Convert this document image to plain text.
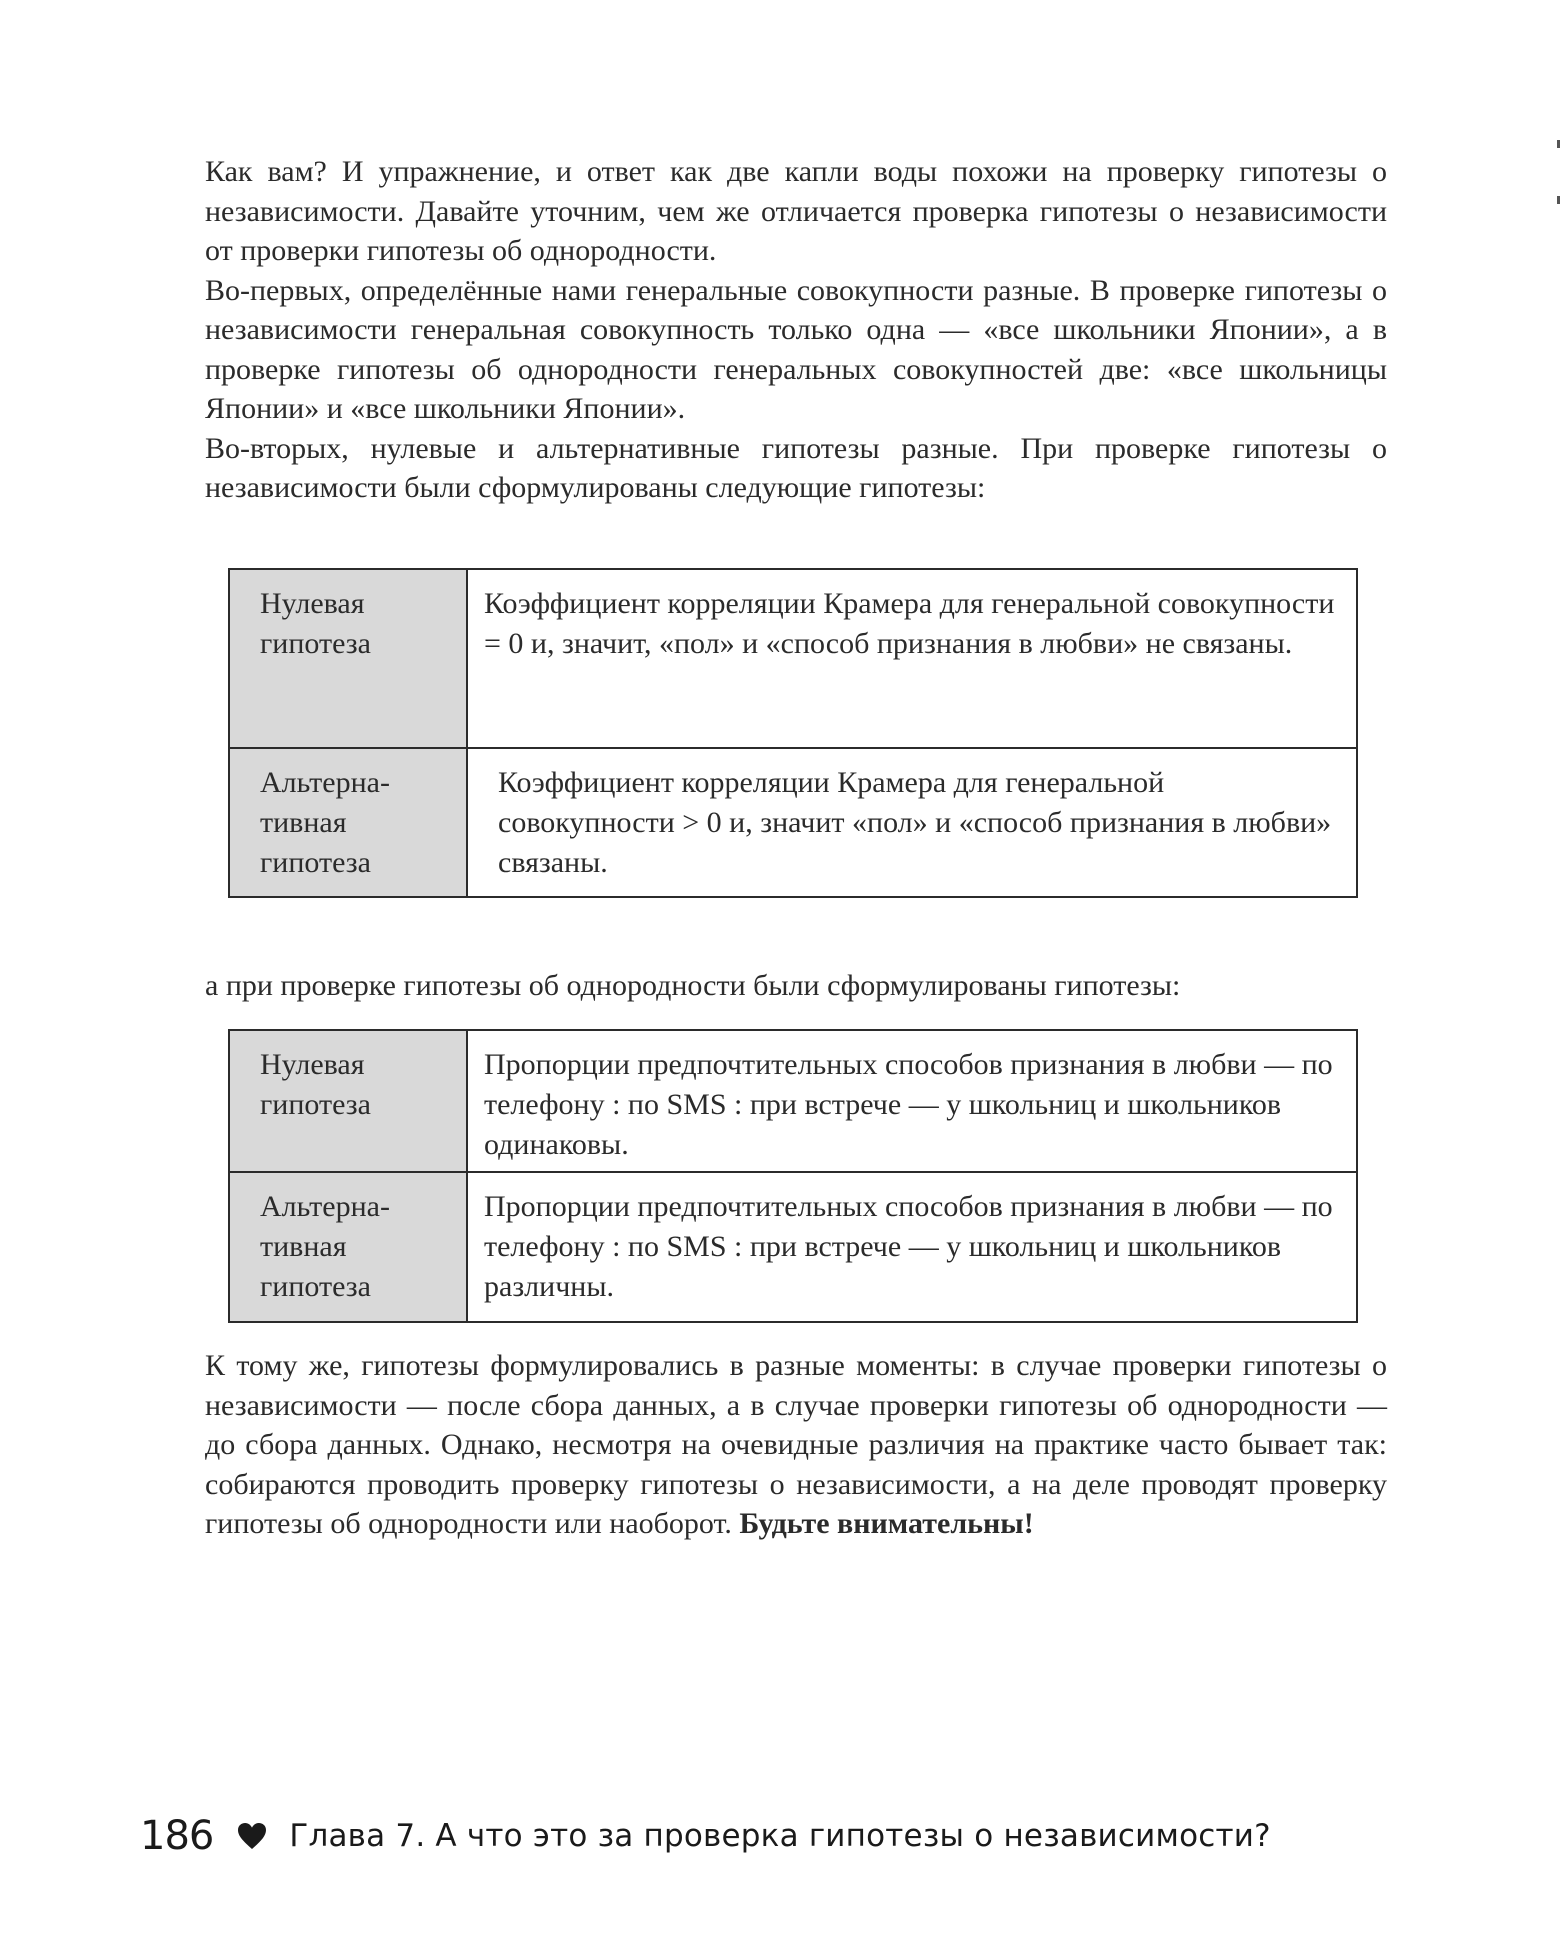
Как вам? И упражнение, и ответ как две капли воды похожи на проверку гипотезы о независимости. Давайте уточним, чем же отличается проверка гипотезы о независимости от проверки гипотезы об однородности.

Во-первых, определённые нами генеральные совокупности разные. В проверке гипотезы о независимости генеральная совокупность только одна — «все школьники Японии», а в проверке гипотезы об однородности генеральных совокупностей две: «все школьницы Японии» и «все школьники Японии».

Во-вторых, нулевые и альтернативные гипотезы разные. При проверке гипотезы о независимости были сформулированы следующие гипотезы:

Нулевая гипотеза	Коэффициент корреляции Крамера для генеральной совокупности = 0 и, значит, «пол» и «способ признания в любви» не связаны.
Альтернативная гипотеза	Коэффициент корреляции Крамера для генеральной совокупности > 0 и, значит «пол» и «способ признания в любви» связаны.

а при проверке гипотезы об однородности были сформулированы гипотезы:

Нулевая гипотеза	Пропорции предпочтительных способов признания в любви — по телефону : по SMS : при встрече — у школьниц и школьников одинаковы.
Альтернативная гипотеза	Пропорции предпочтительных способов признания в любви — по телефону : по SMS : при встрече — у школьниц и школьников различны.

К тому же, гипотезы формулировались в разные моменты: в случае проверки гипотезы о независимости — после сбора данных, а в случае проверки гипотезы об однородности — до сбора данных. Однако, несмотря на очевидные различия на практике часто бывает так: собираются проводить проверку гипотезы о независимости, а на деле проводят проверку гипотезы об однородности или наоборот. Будьте внимательны!

186 Глава 7. А что это за проверка гипотезы о независимости?
